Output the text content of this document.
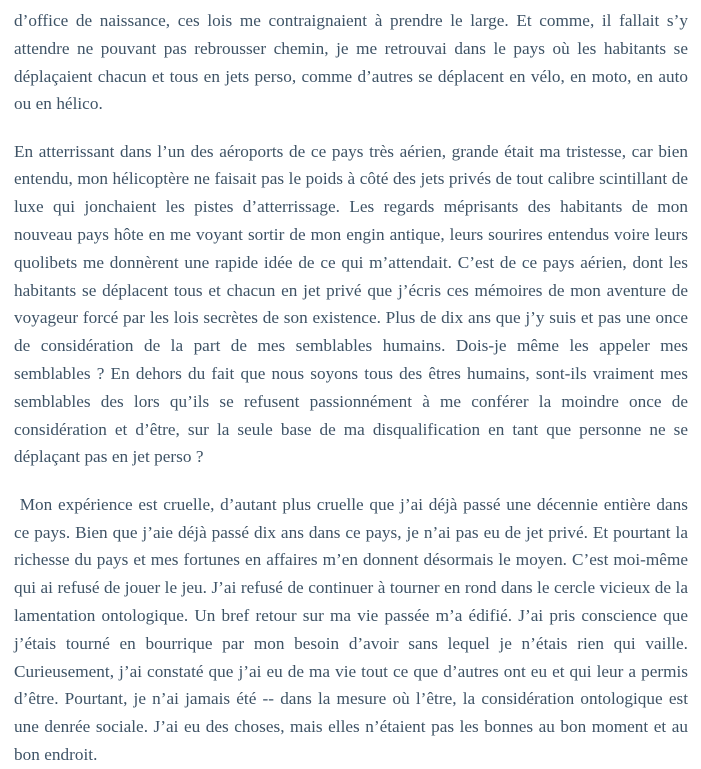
d’office de naissance, ces lois me contraignaient à prendre le large. Et comme, il fallait s’y attendre ne pouvant pas rebrousser chemin, je me retrouvai dans le pays où les habitants se déplaçaient chacun et tous en jets perso, comme d’autres se déplacent en vélo, en moto, en auto ou en hélico.

En atterrissant dans l’un des aéroports de ce pays très aérien, grande était ma tristesse, car bien entendu, mon hélicoptère ne faisait pas le poids à côté des jets privés de tout calibre scintillant de luxe qui jonchaient les pistes d’atterrissage. Les regards méprisants des habitants de mon nouveau pays hôte en me voyant sortir de mon engin antique, leurs sourires entendus voire leurs quolibets me donnèrent une rapide idée de ce qui m’attendait. C’est de ce pays aérien, dont les habitants se déplacent tous et chacun en jet privé que j’écris ces mémoires de mon aventure de voyageur forcé par les lois secrètes de son existence. Plus de dix ans que j’y suis et pas une once de considération de la part de mes semblables humains. Dois-je même les appeler mes semblables ? En dehors du fait que nous soyons tous des êtres humains, sont-ils vraiment mes semblables des lors qu’ils se refusent passionnément à me conférer la moindre once de considération et d’être, sur la seule base de ma disqualification en tant que personne ne se déplaçant pas en jet perso ?

Mon expérience est cruelle, d’autant plus cruelle que j’ai déjà passé une décennie entière dans ce pays. Bien que j’aie déjà passé dix ans dans ce pays, je n’ai pas eu de jet privé. Et pourtant la richesse du pays et mes fortunes en affaires m’en donnent désormais le moyen. C’est moi-même qui ai refusé de jouer le jeu. J’ai refusé de continuer à tourner en rond dans le cercle vicieux de la lamentation ontologique. Un bref retour sur ma vie passée m’a édifié. J’ai pris conscience que j’étais tourné en bourrique par mon besoin d’avoir sans lequel je n’étais rien qui vaille. Curieusement, j’ai constaté que j’ai eu de ma vie tout ce que d’autres ont eu et qui leur a permis d’être. Pourtant, je n’ai jamais été -- dans la mesure où l’être, la considération ontologique est une denrée sociale. J’ai eu des choses, mais elles n’étaient pas les bonnes au bon moment et au bon endroit.
